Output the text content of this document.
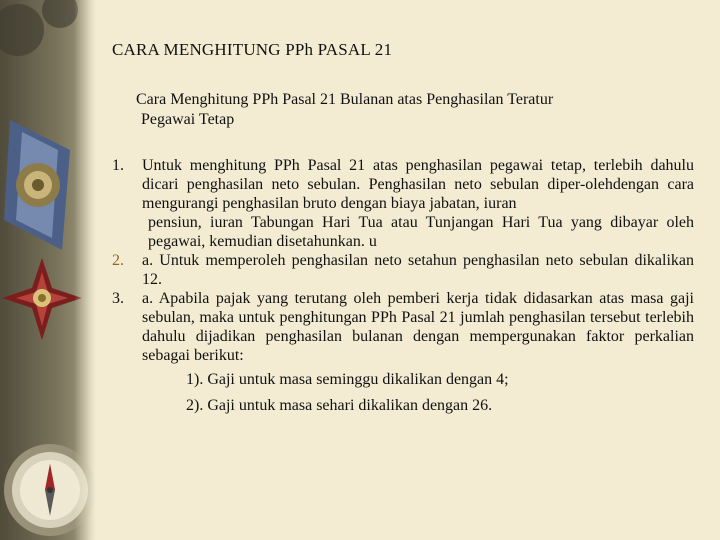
CARA MENGHITUNG PPh PASAL 21
Cara Menghitung PPh Pasal 21 Bulanan atas Penghasilan Teratur
Pegawai Tetap
1. Untuk menghitung PPh Pasal 21 atas penghasilan pegawai tetap, terlebih dahulu dicari penghasilan neto sebulan. Penghasilan neto sebulan diper-olehdengan cara mengurangi penghasilan bruto dengan biaya jabatan, iuran
pensiun, iuran Tabungan Hari Tua atau Tunjangan Hari Tua yang dibayar oleh pegawai, kemudian disetahunkan. u
2. a. Untuk memperoleh penghasilan neto setahun penghasilan neto sebulan dikalikan 12.
3. a. Apabila pajak yang terutang oleh pemberi kerja tidak didasarkan atas masa gaji sebulan, maka untuk penghitungan PPh Pasal 21 jumlah penghasilan tersebut terlebih dahulu dijadikan penghasilan bulanan dengan mempergunakan faktor perkalian sebagai berikut:
1). Gaji untuk masa seminggu dikalikan dengan 4;
2). Gaji untuk masa sehari dikalikan dengan 26.
